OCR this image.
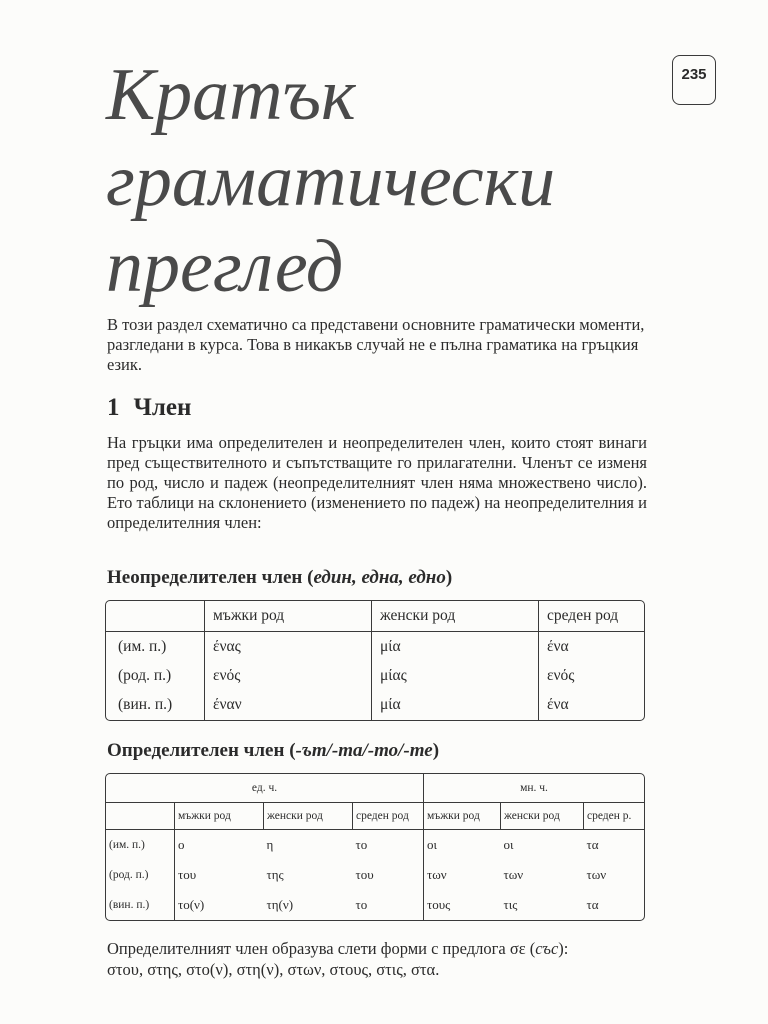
235
Кратък
граматически
преглед

В този раздел схематично са представени основните граматически моменти, разгледани в курса. Това в никакъв случай не е пълна граматика на гръцкия език.

1 Член

На гръцки има определителен и неопределителен член, които стоят винаги пред съществителното и съпътстващите го прилагателни. Членът се изменя по род, число и падеж (неопределителният член няма множествено число). Ето таблици на склонението (изменението по падеж) на неопределителния и определителния член:

Неопределителен член (един, една, едно)
	мъжки род	женски род	среден род
(им. п.)	ένας	μία	ένα
(род. п.)	ενός	μίας	ενός
(вин. п.)	έναν	μία	ένα
Определителен член (-ът/-та/-то/-те)
ед. ч.				мн. ч.		
	мъжки род	женски род	среден род	мъжки род	женски род	среден р.
(им. п.)	ο	η	το	οι	οι	τα
(род. п.)	του	της	του	των	των	των
(вин. п.)	το(ν)	τη(ν)	το	τους	τις	τα

Определителният член образува слети форми с предлога σε (със):
στου, στης, στο(ν), στη(ν), στων, στους, στις, στα.
